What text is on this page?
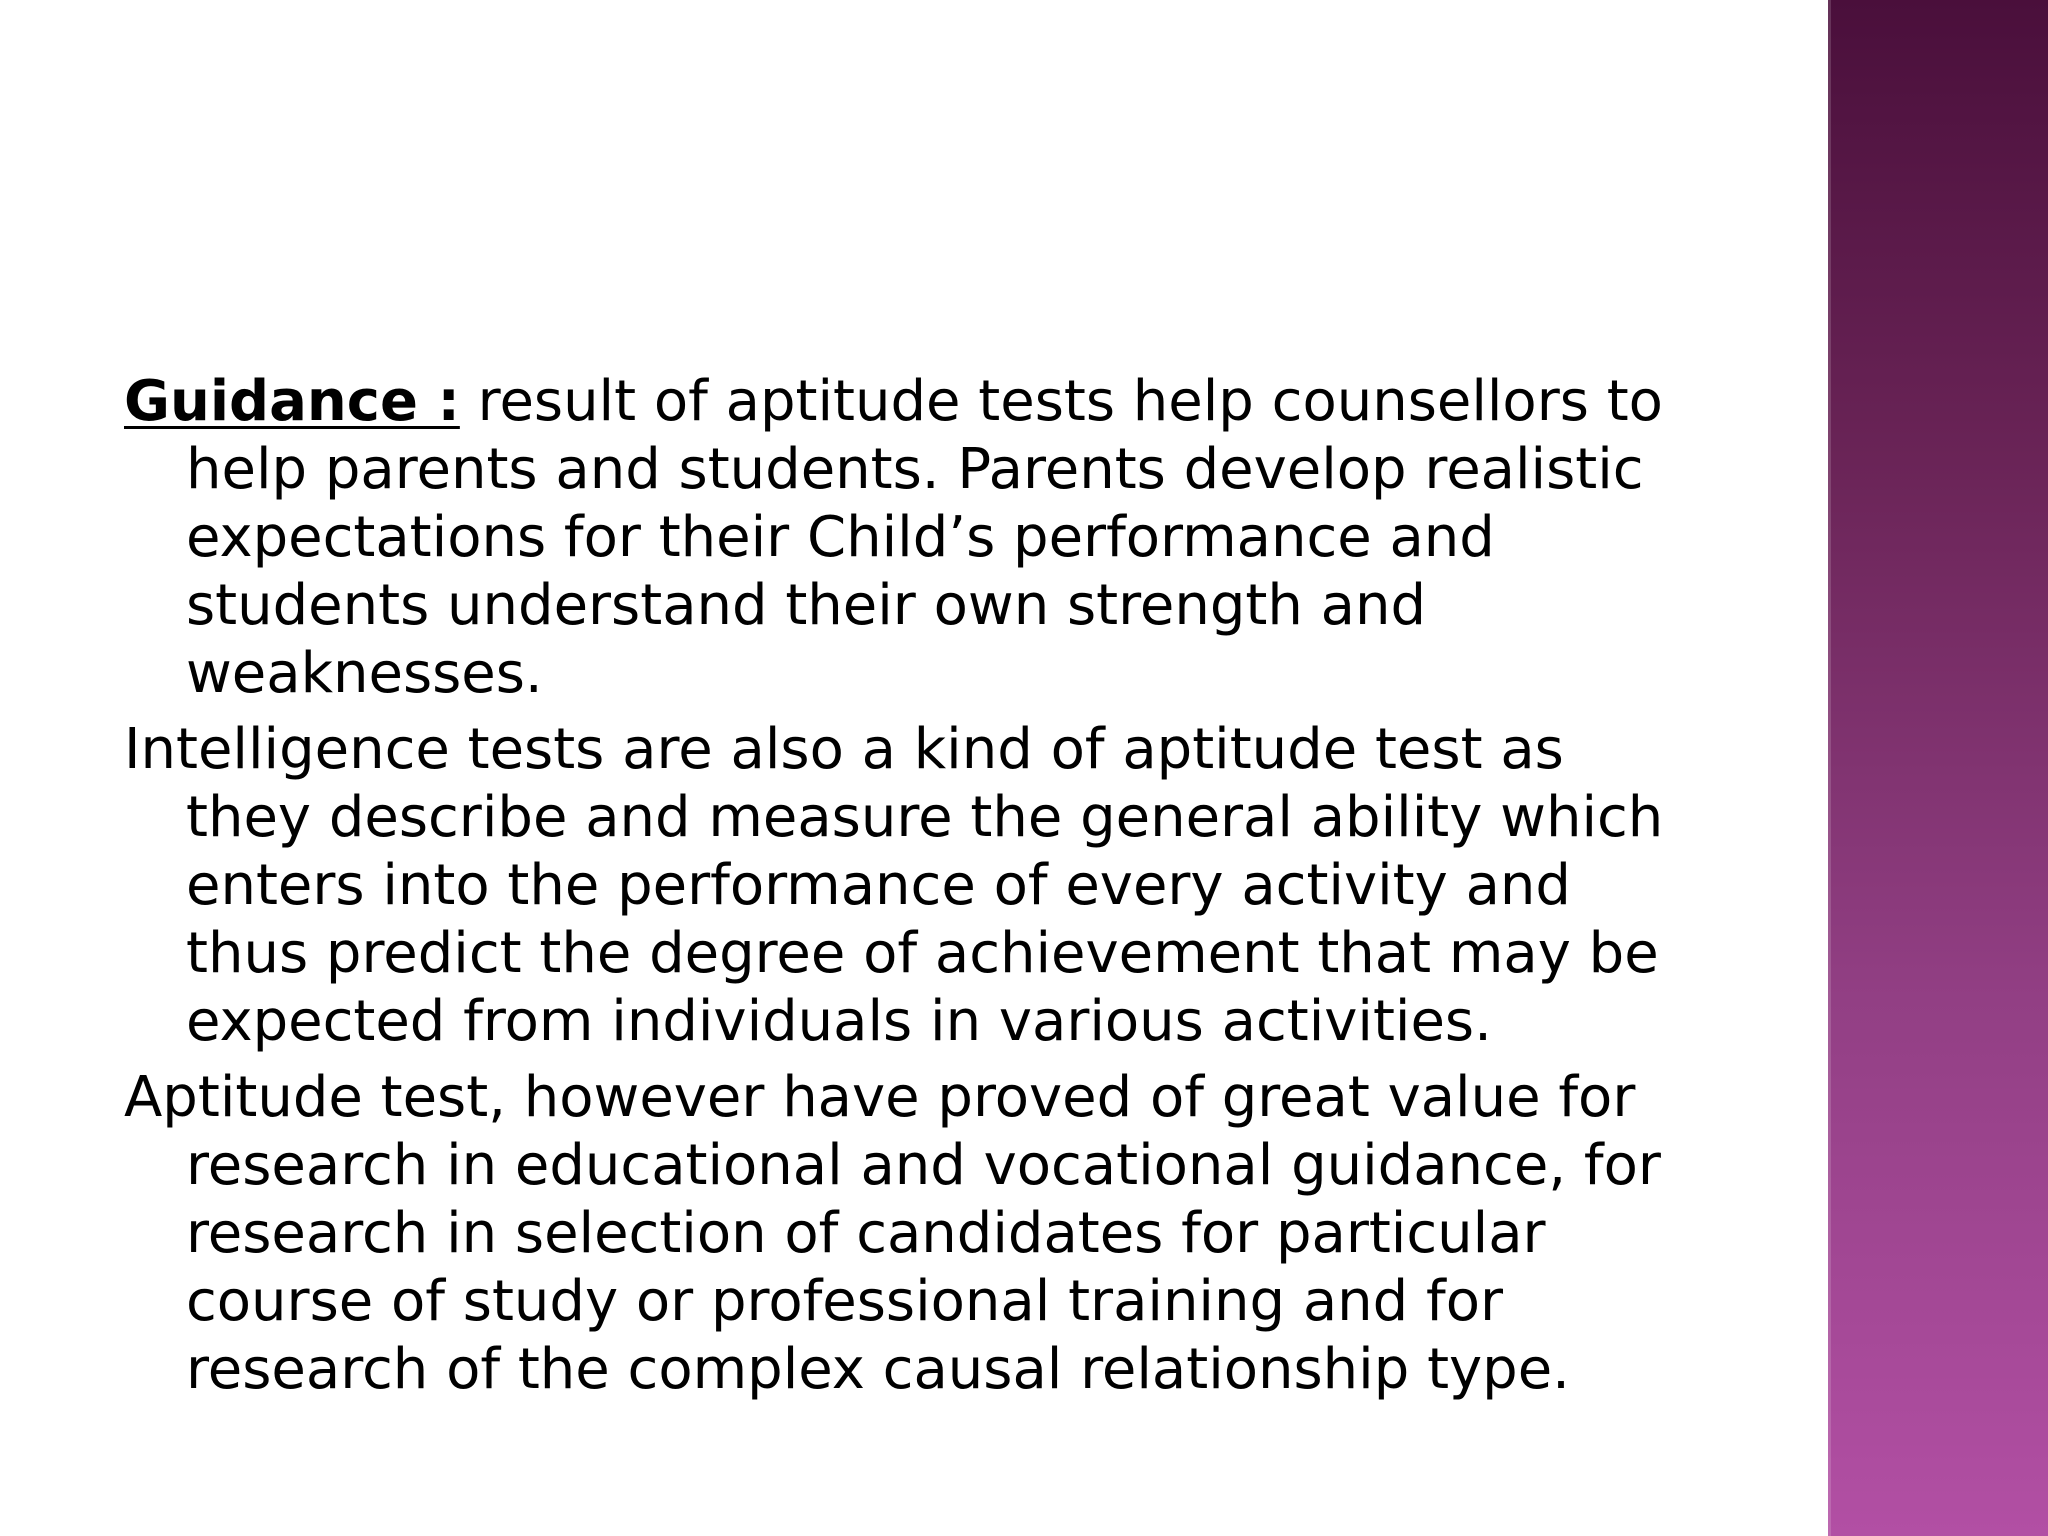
Guidance : result of aptitude tests help counsellors to help parents and students. Parents develop realistic expectations for their Child’s performance and students understand their own strength and weaknesses.

Intelligence tests are also a kind of aptitude test as they describe and measure the general ability which enters into the performance of every activity and thus predict the degree of achievement that may be expected from individuals in various activities.

Aptitude test, however have proved of great value for research in educational and vocational guidance, for research in selection of candidates for particular course of study or professional training and for research of the complex causal relationship type.
